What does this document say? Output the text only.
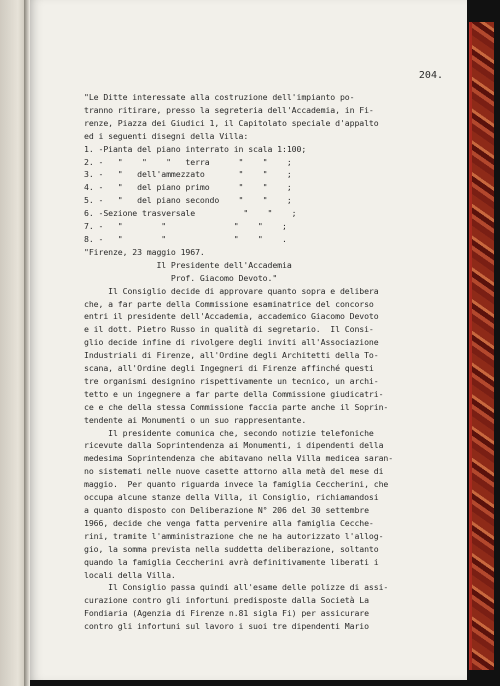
204.

"Le Ditte interessate alla costruzione dell'impianto po-

tranno ritirare, presso la segreteria dell'Accademia, in Fi-

renze, Piazza dei Giudici 1, il Capitolato speciale d'appalto

ed i seguenti disegni della Villa:

1. -Pianta del piano interrato in scala 1:100;

2. -   "    "    "   terra      "    "    ;

3. -   "   dell'ammezzato       "    "    ;

4. -   "   del piano primo      "    "    ;

5. -   "   del piano secondo    "    "    ;

6. -Sezione trasversale          "    "    ;

7. -   "        "              "    "    ;

8. -   "        "              "    "    .

"Firenze, 23 maggio 1967.

Il Presidente dell'Accademia

Prof. Giacomo Devoto."

Il Consiglio decide di approvare quanto sopra e delibera

che, a far parte della Commissione esaminatrice del concorso

entri il presidente dell'Accademia, accademico Giacomo Devoto

e il dott. Pietro Russo in qualità di segretario.  Il Consi-

glio decide infine di rivolgere degli inviti all'Associazione

Industriali di Firenze, all'Ordine degli Architetti della To-

scana, all'Ordine degli Ingegneri di Firenze affinché questi

tre organismi designino rispettivamente un tecnico, un archi-

tetto e un ingegnere a far parte della Commissione giudicatri-

ce e che della stessa Commissione faccia parte anche il Soprin-

tendente ai Monumenti o un suo rappresentante.

Il presidente comunica che, secondo notizie telefoniche

ricevute dalla Soprintendenza ai Monumenti, i dipendenti della

medesima Soprintendenza che abitavano nella Villa medicea saran-

no sistemati nelle nuove casette attorno alla metà del mese di

maggio.  Per quanto riguarda invece la famiglia Ceccherini, che

occupa alcune stanze della Villa, il Consiglio, richiamandosi

a quanto disposto con Deliberazione N° 206 del 30 settembre

1966, decide che venga fatta pervenire alla famiglia Cecche-

rini, tramite l'amministrazione che ne ha autorizzato l'allog-

gio, la somma prevista nella suddetta deliberazione, soltanto

quando la famiglia Ceccherini avrà definitivamente liberati i

locali della Villa.

Il Consiglio passa quindi all'esame delle polizze di assi-

curazione contro gli infortuni predisposte dalla Società La

Fondiaria (Agenzia di Firenze n.81 sigla Fi) per assicurare

contro gli infortuni sul lavoro i suoi tre dipendenti Mario
